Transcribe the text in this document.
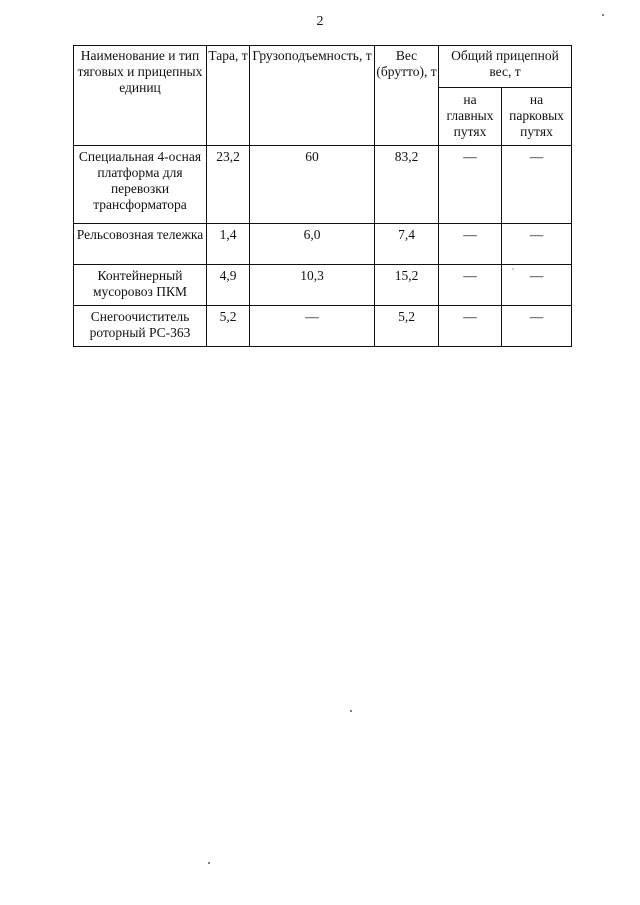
2
Наименование и тип тяговых и прицепных единиц	Тара, т	Грузоподъемность, т	Вес (брутто), т	Общий прицепной вес, т	
				на главных путях	на парковых путях
Специальная 4-осная платформа для перевозки трансформатора	23,2	60	83,2	—	—
Рельсовозная тележка	1,4	6,0	7,4	—	—
Контейнерный мусоровоз ПКМ	4,9	10,3	15,2	—	—
Снегоочиститель роторный РС-363	5,2	—	5,2	—	—
